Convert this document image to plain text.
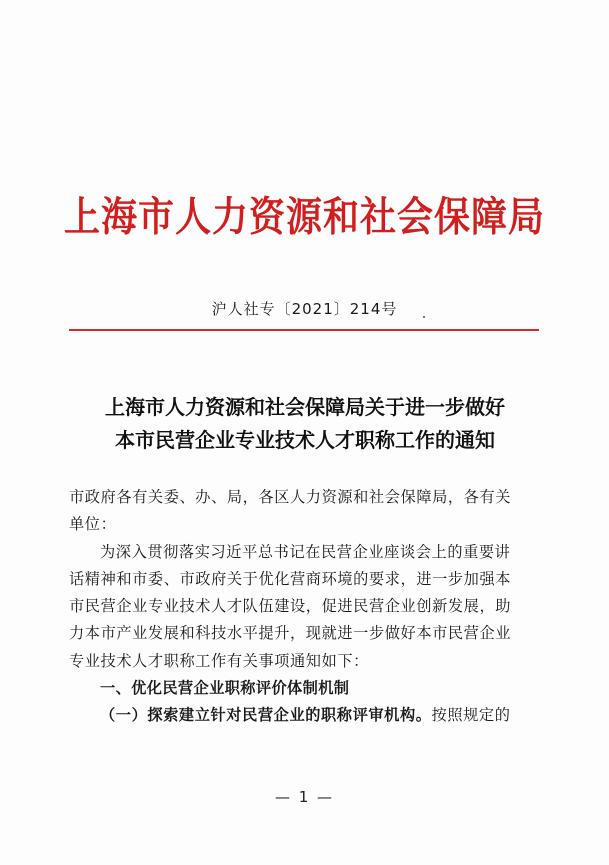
上海市人力资源和社会保障局
沪人社专〔2021〕214号
上海市人力资源和社会保障局关于进一步做好
本市民营企业专业技术人才职称工作的通知
市政府各有关委、办、局，各区人力资源和社会保障局，各有关
单位：
为深入贯彻落实习近平总书记在民营企业座谈会上的重要讲
话精神和市委、市政府关于优化营商环境的要求，进一步加强本
市民营企业专业技术人才队伍建设，促进民营企业创新发展，助
力本市产业发展和科技水平提升，现就进一步做好本市民营企业
专业技术人才职称工作有关事项通知如下：
一、优化民营企业职称评价体制机制
（一）探索建立针对民营企业的职称评审机构。按照规定的
— 1 —
